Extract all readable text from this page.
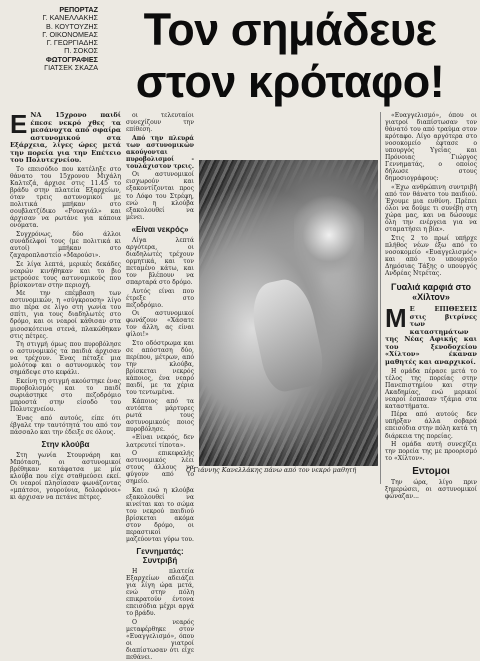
ΡΕΠΟΡΤΑΖ
Γ. ΚΑΝΕΛΛΑΚΗΣ
Β. ΚΟΥΤΟΥΖΗΣ
Γ. ΟΙΚΟΝΟΜΕΑΣ
Γ. ΓΕΩΡΓΙΑΔΗΣ
Π. ΣΟΚΟΣ
ΦΩΤΟΓΡΑΦΙΕΣ
ΓΙΑΤΣΕΚ ΣΚΑΖΑ
Τον σημάδευε
στον κρόταφο!

ΕΝΑ 15χρονο παιδί έπεσε νεκρό χθες τα μεσάνυχτα από σφαίρα αστυνομικού στα Εξάρχεια, λίγες ώρες μετά την πορεία για την Επέτειο του Πολυτεχνείου.

Το επεισόδιο που κατέληξε στο θάνατο του 15χρονου Μιχάλη Καλτεζά, άρχισε στις 11.45 το βράδυ στην πλατεία Εξαρχείων, όταν τρεις αστυνομικοί με πολιτικά μπήκαν στο σουβλατζίδικο «Ρουαγιάλ» και άρχισαν να ρωτάνε για κάποια ονόματα.

Συγχρόνως, δύο άλλοι συνάδελφοί τους (με πολιτικά κι αυτοί) μπήκαν στο ζαχαροπλαστείο «Μαρούσι».

Σε λίγα λεπτά, μερικές δεκάδες νεαρών κινήθηκαν και το βιο μετρούσε τους αστυνομικούς που βρίσκονταν στην περιοχή.

Με την επέμβαση των αστυνομικών, η «σύγκρουση» λίγο πιο πέρα σε λίγο στη γωνία του σπίτι, για τους διαδηλωτές στο δρόμο, και οι νεαροί κάθισαν στα μισοσκότεινα στενά, πλακώθηκαν στις πέτρες.

Τη στιγμή όμως που πυροβόλησε ο αστυνομικός τα παιδιά άρχισαν να τρέχουν. Ένας πέταξε μια μολότοφ και ο αστυνομικός τον σημάδεψε στο κεφάλι.

Εκείνη τη στιγμή ακούστηκε ένας πυροβολισμός και το παιδί σωριάστηκε στο πεζοδρόμιο μπροστά στην είσοδο του Πολυτεχνείου.

Ένας από αυτούς, είπε ότι έβγαλε την ταυτότητά του από τον πάσσαλο και την έδειξε σε όλους.

Στην κλούβα

Στη γωνία Στουρνάρη και Μπόταση, οι αστυνομικοί βρέθηκαν κατάφατσα με μία κλούβα που είχε σταθμεύσει εκεί. Οι νεαροί πλησίασαν φωνάζοντας «μπάτσοι, γουρούνια, δολοφόνοι» κι άρχισαν να πετάνε πέτρες.

οι τελευταίοι συνεχίζουν την επίθεση.

Από την πλευρά των αστυνομικών ακούγονται πυροβολισμοί - τουλάχιστον τρεις.

Οι αστυνομικοί εισχωρούν και εξακοντίζονται προς το Λόφο του Στρέφη, ενώ η κλούβα εξακολουθεί να μένει.

«Είναι νεκρός»

Λίγα λεπτά αργότερα, οι διαδηλωτές τρέχουν ορμητικά, και τον πεταμένο κάτω, και τον βλέπουν να σπαρταρά στο δρόμο.

Αυτός είναι που έτρεξε στο πεζοδρόμιο.

Οι αστυνομικοί φωνάζουν «Χάσατε τον άλλη, ας είναι φίλοι!»

Στο οδόστρωμα και σε απόσταση δύο, περίπου, μέτρων, από την κλούβα, βρίσκεται νεκρός κάποιος, ένα νεαρό παιδί, με τα χέρια του τεντωμένα.

Κάποιος από τα αυτόπτα μάρτυρες ρωτά τους αστυνομικούς ποιος πυροβόλησε.

«Είναι νεκρός, δεν λατρευτεί τίποτα».

Ο επικεφαλής αστυνομικός λέει στους άλλους να φύγουν από το σημείο.

Και ενώ η κλούβα εξακολουθεί να κινείται και το σώμα του νεκρού παιδιού βρίσκεται ακόμα στον δρόμο, οι περαστικοί μαζεύονται γύρω του.

Γεννηματάς: Συντριβή

Η πλατεία Εξαρχείων αδειάζει για λίγη ώρα μετά, ενώ στην πόλη επικρατούν έντονα επεισόδια μέχρι αργά το βράδυ.

Ο νεαρός μεταφέρθηκε στον «Ευαγγελισμό», όπου οι γιατροί διαπίστωσαν ότι είχε πεθάνει.

Ο Γιάννης Κανελλάκης πάνω από τον νεκρό μαθητή

«Ευαγγελισμό», όπου οι γιατροί διαπίστωσαν τον θάνατό του από τραύμα στον κρόταφο. Λίγο αργότερα στο νοσοκομείο έφτασε ο υπουργός Υγείας και Πρόνοιας Γιώργος Γεννηματάς, ο οποίος δήλωσε στους δημοσιογράφους:

«Έχω ανθρώπινη συντριβή από τον θάνατο του παιδιού. Έχουμε μια ευθύνη. Πρέπει όλοι να δούμε τι συνέβη στη χώρα μας, και να δώσουμε όλη την ενέργεια για να σταματήσει η βία».

Στις 2 το πρωί υπήρχε πλήθος νέων έξω από το νοσοκομείο «Ευαγγελισμός» και από το υπουργείο Δημόσιας Τάξης ο υπουργός Ανδρέας Ντρέτας.

Γυαλιά καρφιά στο «Χίλτον»

Μ Ε ΕΠΙΘΕΣΕΙΣ στις βιτρίνες των καταστημάτων της Νέας Αφικής και του ξενοδοχείου «Χίλτον» έκαναν μαθητές και αναρχικοί.

Η ομάδα πέρασε μετά το τέλος της πορείας στην Πανεπιστημίου και στην Ακαδημίας, ενώ μερικοί νεαροί έσπασαν τζάμια στα καταστήματα.

Πέρα από αυτούς δεν υπήρξαν άλλα σοβαρά επεισόδια στην πόλη κατά τη διάρκεια της πορείας.

Η ομάδα αυτή συνεχίζει την πορεία της με προορισμό το «Χίλτον».

Εντομοι

Την ώρα, λίγο πριν ξημερώσει, οι αστυνομικοί φώναζαν...
